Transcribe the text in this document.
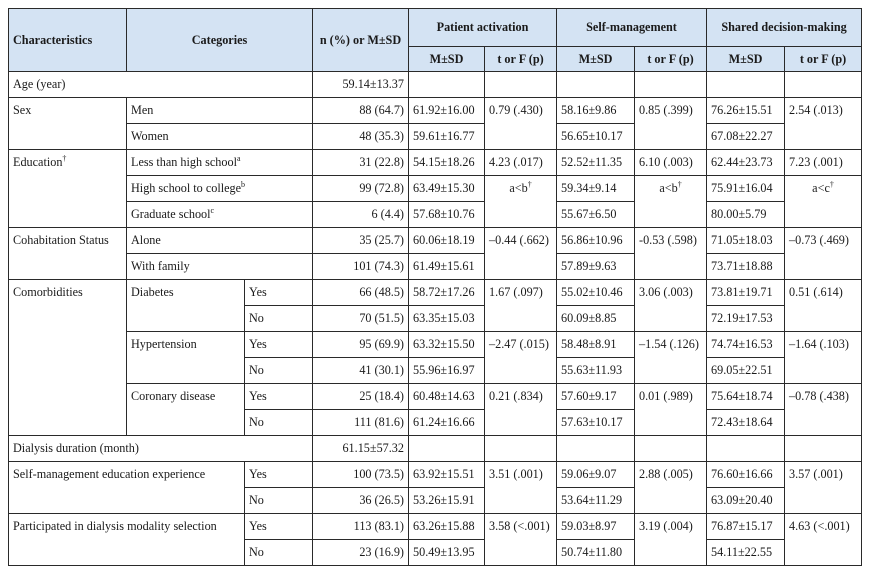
Characteristics	Categories		n (%) or M±SD	Patient activation		Self-management		Shared decision-making	
				M±SD	t or F (p)	M±SD	t or F (p)	M±SD	t or F (p)
Age (year)			59.14±13.37						
Sex	Men		88 (64.7)	61.92±16.00	0.79 (.430)	58.16±9.86	0.85 (.399)	76.26±15.51	2.54 (.013)
	Women		48 (35.3)	59.61±16.77		56.65±10.17		67.08±22.27	
Education†	Less than high school$^a$		31 (22.8)	54.15±18.26	4.23 (.017)	52.52±11.35	6.10 (.003)	62.44±23.73	7.23 (.001)
	High school to college$^b$		99 (72.8)	63.49±15.30	a<b†	59.34±9.14	a<b†	75.91±16.04	a<c†
	Graduate school$^c$		6 (4.4)	57.68±10.76		55.67±6.50		80.00±5.79	
Cohabitation Status	Alone		35 (25.7)	60.06±18.19	–0.44 (.662)	56.86±10.96	-0.53 (.598)	71.05±18.03	–0.73 (.469)
	With family		101 (74.3)	61.49±15.61		57.89±9.63		73.71±18.88	
Comorbidities	Diabetes	Yes	66 (48.5)	58.72±17.26	1.67 (.097)	55.02±10.46	3.06 (.003)	73.81±19.71	0.51 (.614)
		No	70 (51.5)	63.35±15.03		60.09±8.85		72.19±17.53	
	Hypertension	Yes	95 (69.9)	63.32±15.50	–2.47 (.015)	58.48±8.91	–1.54 (.126)	74.74±16.53	–1.64 (.103)
		No	41 (30.1)	55.96±16.97		55.63±11.93		69.05±22.51	
	Coronary disease	Yes	25 (18.4)	60.48±14.63	0.21 (.834)	57.60±9.17	0.01 (.989)	75.64±18.74	–0.78 (.438)
		No	111 (81.6)	61.24±16.66		57.63±10.17		72.43±18.64	
Dialysis duration (month)			61.15±57.32						
Self-management education experience		Yes	100 (73.5)	63.92±15.51	3.51 (.001)	59.06±9.07	2.88 (.005)	76.60±16.66	3.57 (.001)
		No	36 (26.5)	53.26±15.91		53.64±11.29		63.09±20.40	
Participated in dialysis modality selection		Yes	113 (83.1)	63.26±15.88	3.58 (<.001)	59.03±8.97	3.19 (.004)	76.87±15.17	4.63 (<.001)
		No	23 (16.9)	50.49±13.95		50.74±11.80		54.11±22.55	
